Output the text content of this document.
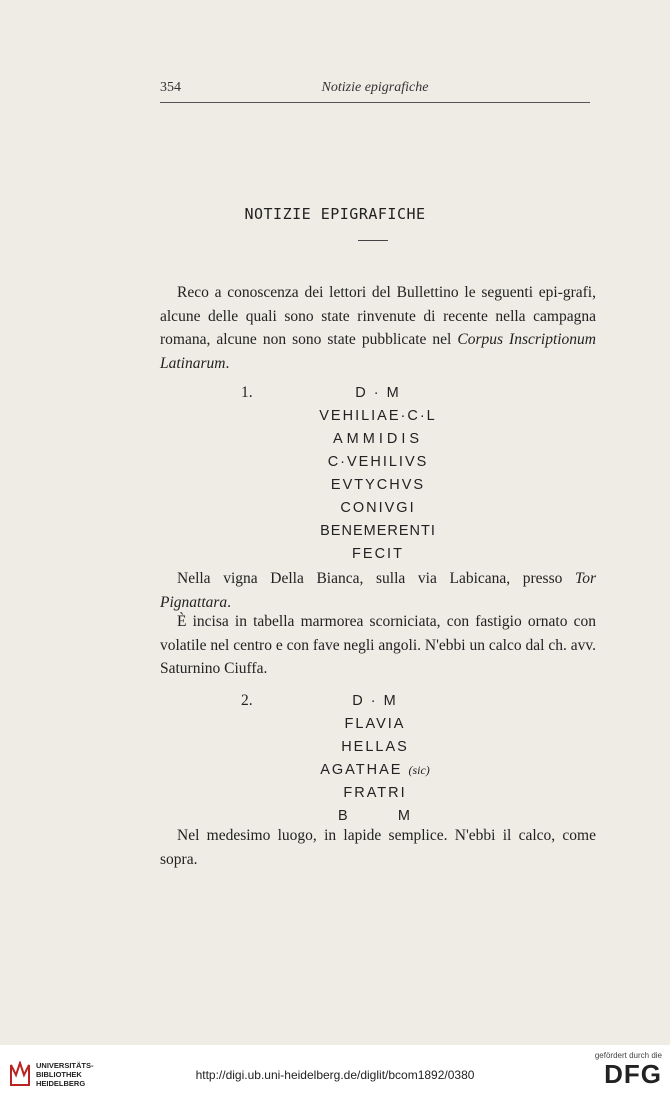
354	Notizie epigrafiche
NOTIZIE EPIGRAFICHE
Reco a conoscenza dei lettori del Bullettino le seguenti epi-grafi, alcune delle quali sono state rinvenute di recente nella campagna romana, alcune non sono state pubblicate nel Corpus Inscriptionum Latinarum.
1.	D · M
VEHILIAE·C·L
AMMIDIS
C·VEHILIVS
EVTYCHVS
CONIVGI
BENEMERENTI
FECIT
Nella vigna Della Bianca, sulla via Labicana, presso Tor Pignattara.
È incisa in tabella marmorea scorniciata, con fastigio ornato con volatile nel centro e con fave negli angoli. N'ebbi un calco dal ch. avv. Saturnino Ciuffa.
2.	D · M
FLAVIA
HELLAS
AGATHAE (sic)
FRATRI
B        M
Nel medesimo luogo, in lapide semplice. N'ebbi il calco, come sopra.
UNIVERSITÄTS-
BIBLIOTHEK
HEIDELBERG
http://digi.ub.uni-heidelberg.de/diglit/bcom1892/0380
gefördert durch die
DFG
